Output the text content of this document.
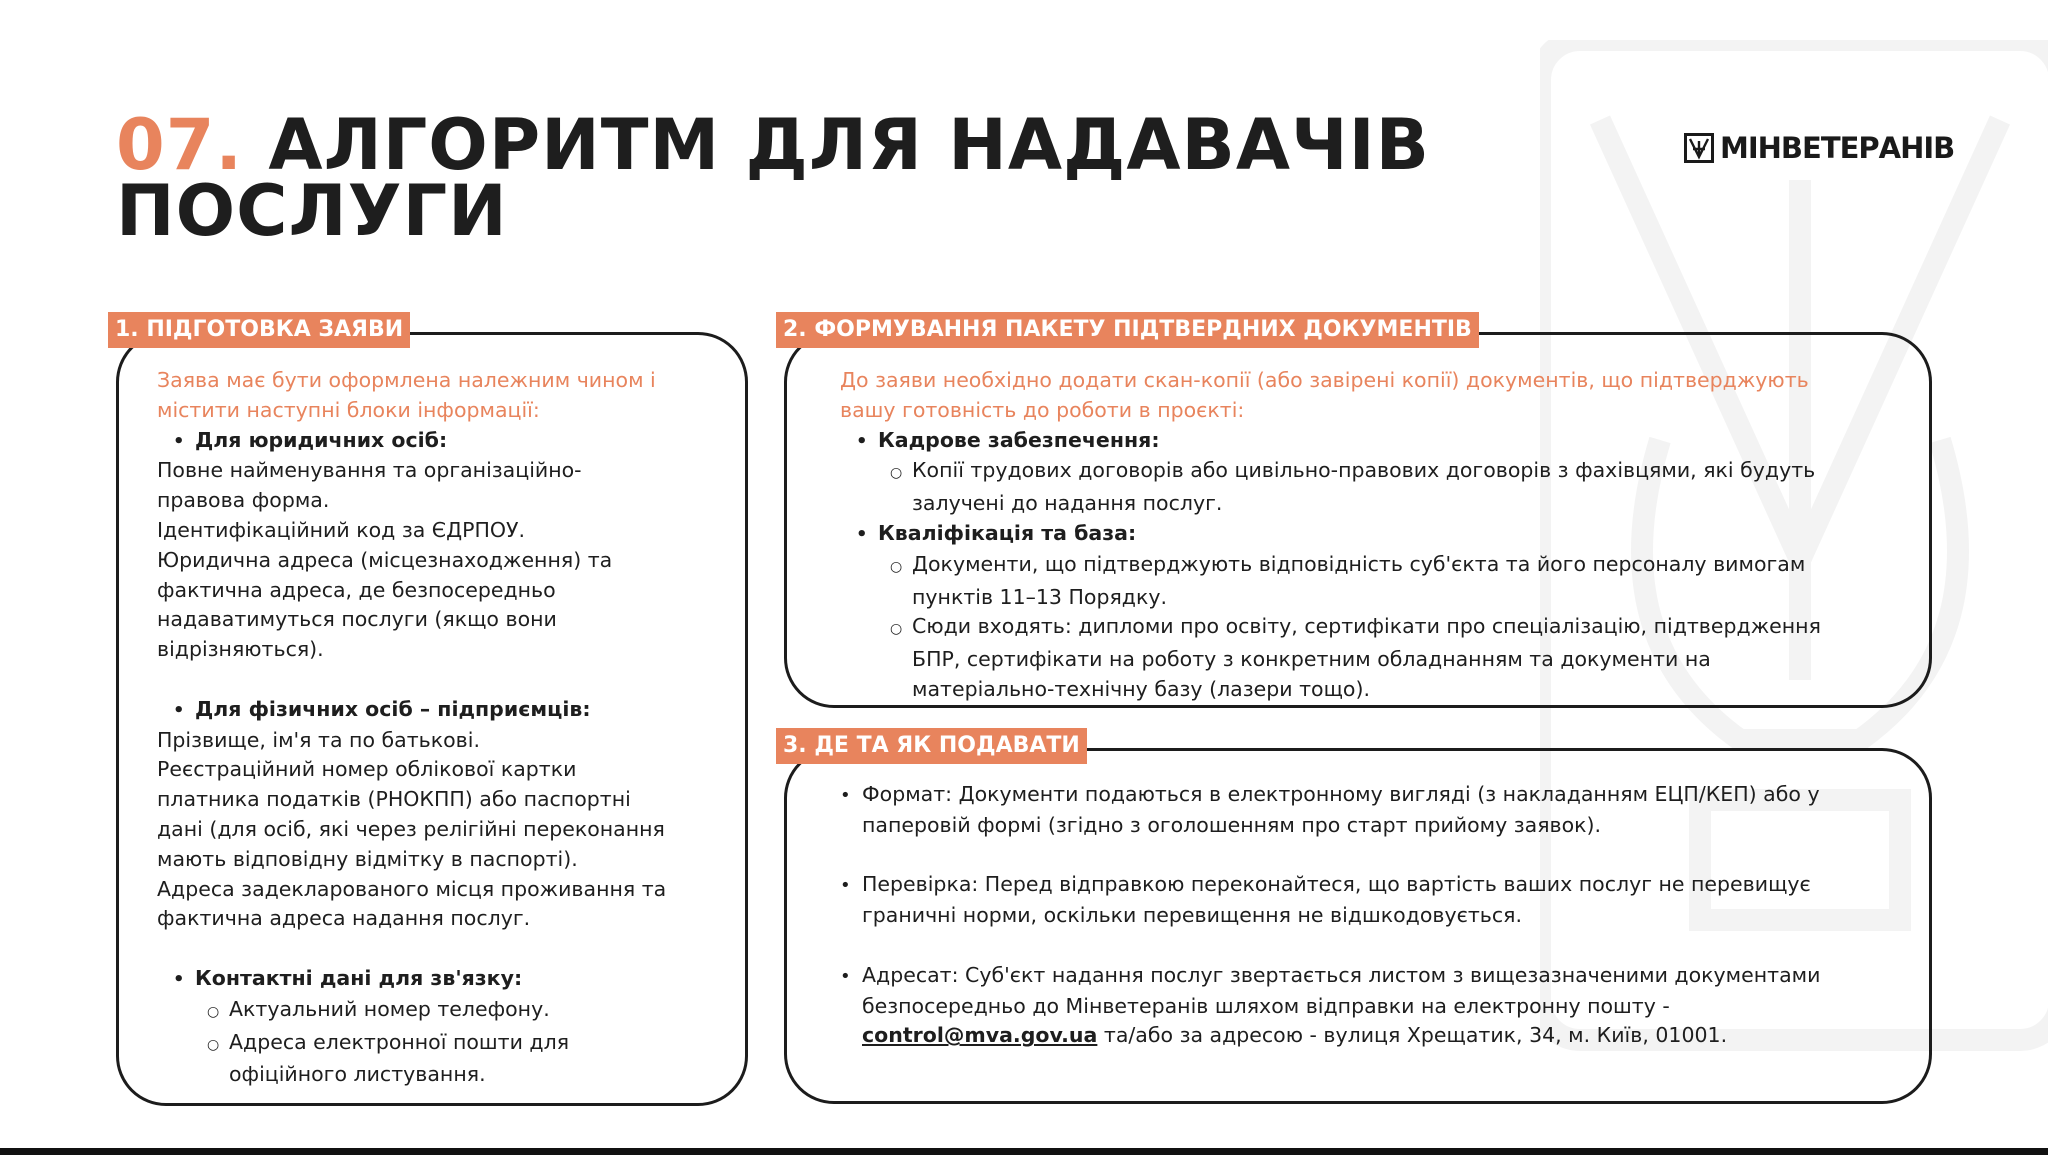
07. АЛГОРИТМ ДЛЯ НАДАВАЧІВ
ПОСЛУГИ
МІНВЕТЕРАНІВ
1. ПІДГОТОВКА ЗАЯВИ
Заява має бути оформлена належним чином і
містити наступні блоки інформації:
• Для юридичних осіб:
Повне найменування та організаційно-
правова форма.
Ідентифікаційний код за ЄДРПОУ.
Юридична адреса (місцезнаходження) та
фактична адреса, де безпосередньо
надаватимуться послуги (якщо вони
відрізняються).

• Для фізичних осіб – підприємців:
Прізвище, ім'я та по батькові.
Реєстраційний номер облікової картки
платника податків (РНОКПП) або паспортні
дані (для осіб, які через релігійні переконання
мають відповідну відмітку в паспорті).
Адреса задекларованого місця проживання та
фактична адреса надання послуг.

• Контактні дані для зв'язку:
○ Актуальний номер телефону.
○ Адреса електронної пошти для
офіційного листування.
2. ФОРМУВАННЯ ПАКЕТУ ПІДТВЕРДНИХ ДОКУМЕНТІВ
До заяви необхідно додати скан-копії (або завірені копії) документів, що підтверджують
вашу готовність до роботи в проєкті:
• Кадрове забезпечення:
○ Копії трудових договорів або цивільно-правових договорів з фахівцями, які будуть
залучені до надання послуг.
• Кваліфікація та база:
○ Документи, що підтверджують відповідність суб'єкта та його персоналу вимогам
пунктів 11–13 Порядку.
○ Сюди входять: дипломи про освіту, сертифікати про спеціалізацію, підтвердження
БПР, сертифікати на роботу з конкретним обладнанням та документи на
матеріально-технічну базу (лазери тощо).
3. ДЕ ТА ЯК ПОДАВАТИ
• Формат: Документи подаються в електронному вигляді (з накладанням ЕЦП/КЕП) або у
паперовій формі (згідно з оголошенням про старт прийому заявок).

• Перевірка: Перед відправкою переконайтеся, що вартість ваших послуг не перевищує
граничні норми, оскільки перевищення не відшкодовується.

• Адресат: Суб'єкт надання послуг звертається листом з вищезазначеними документами
безпосередньо до Мінветеранів шляхом відправки на електронну пошту -
control@mva.gov.ua та/або за адресою - вулиця Хрещатик, 34, м. Київ, 01001.
